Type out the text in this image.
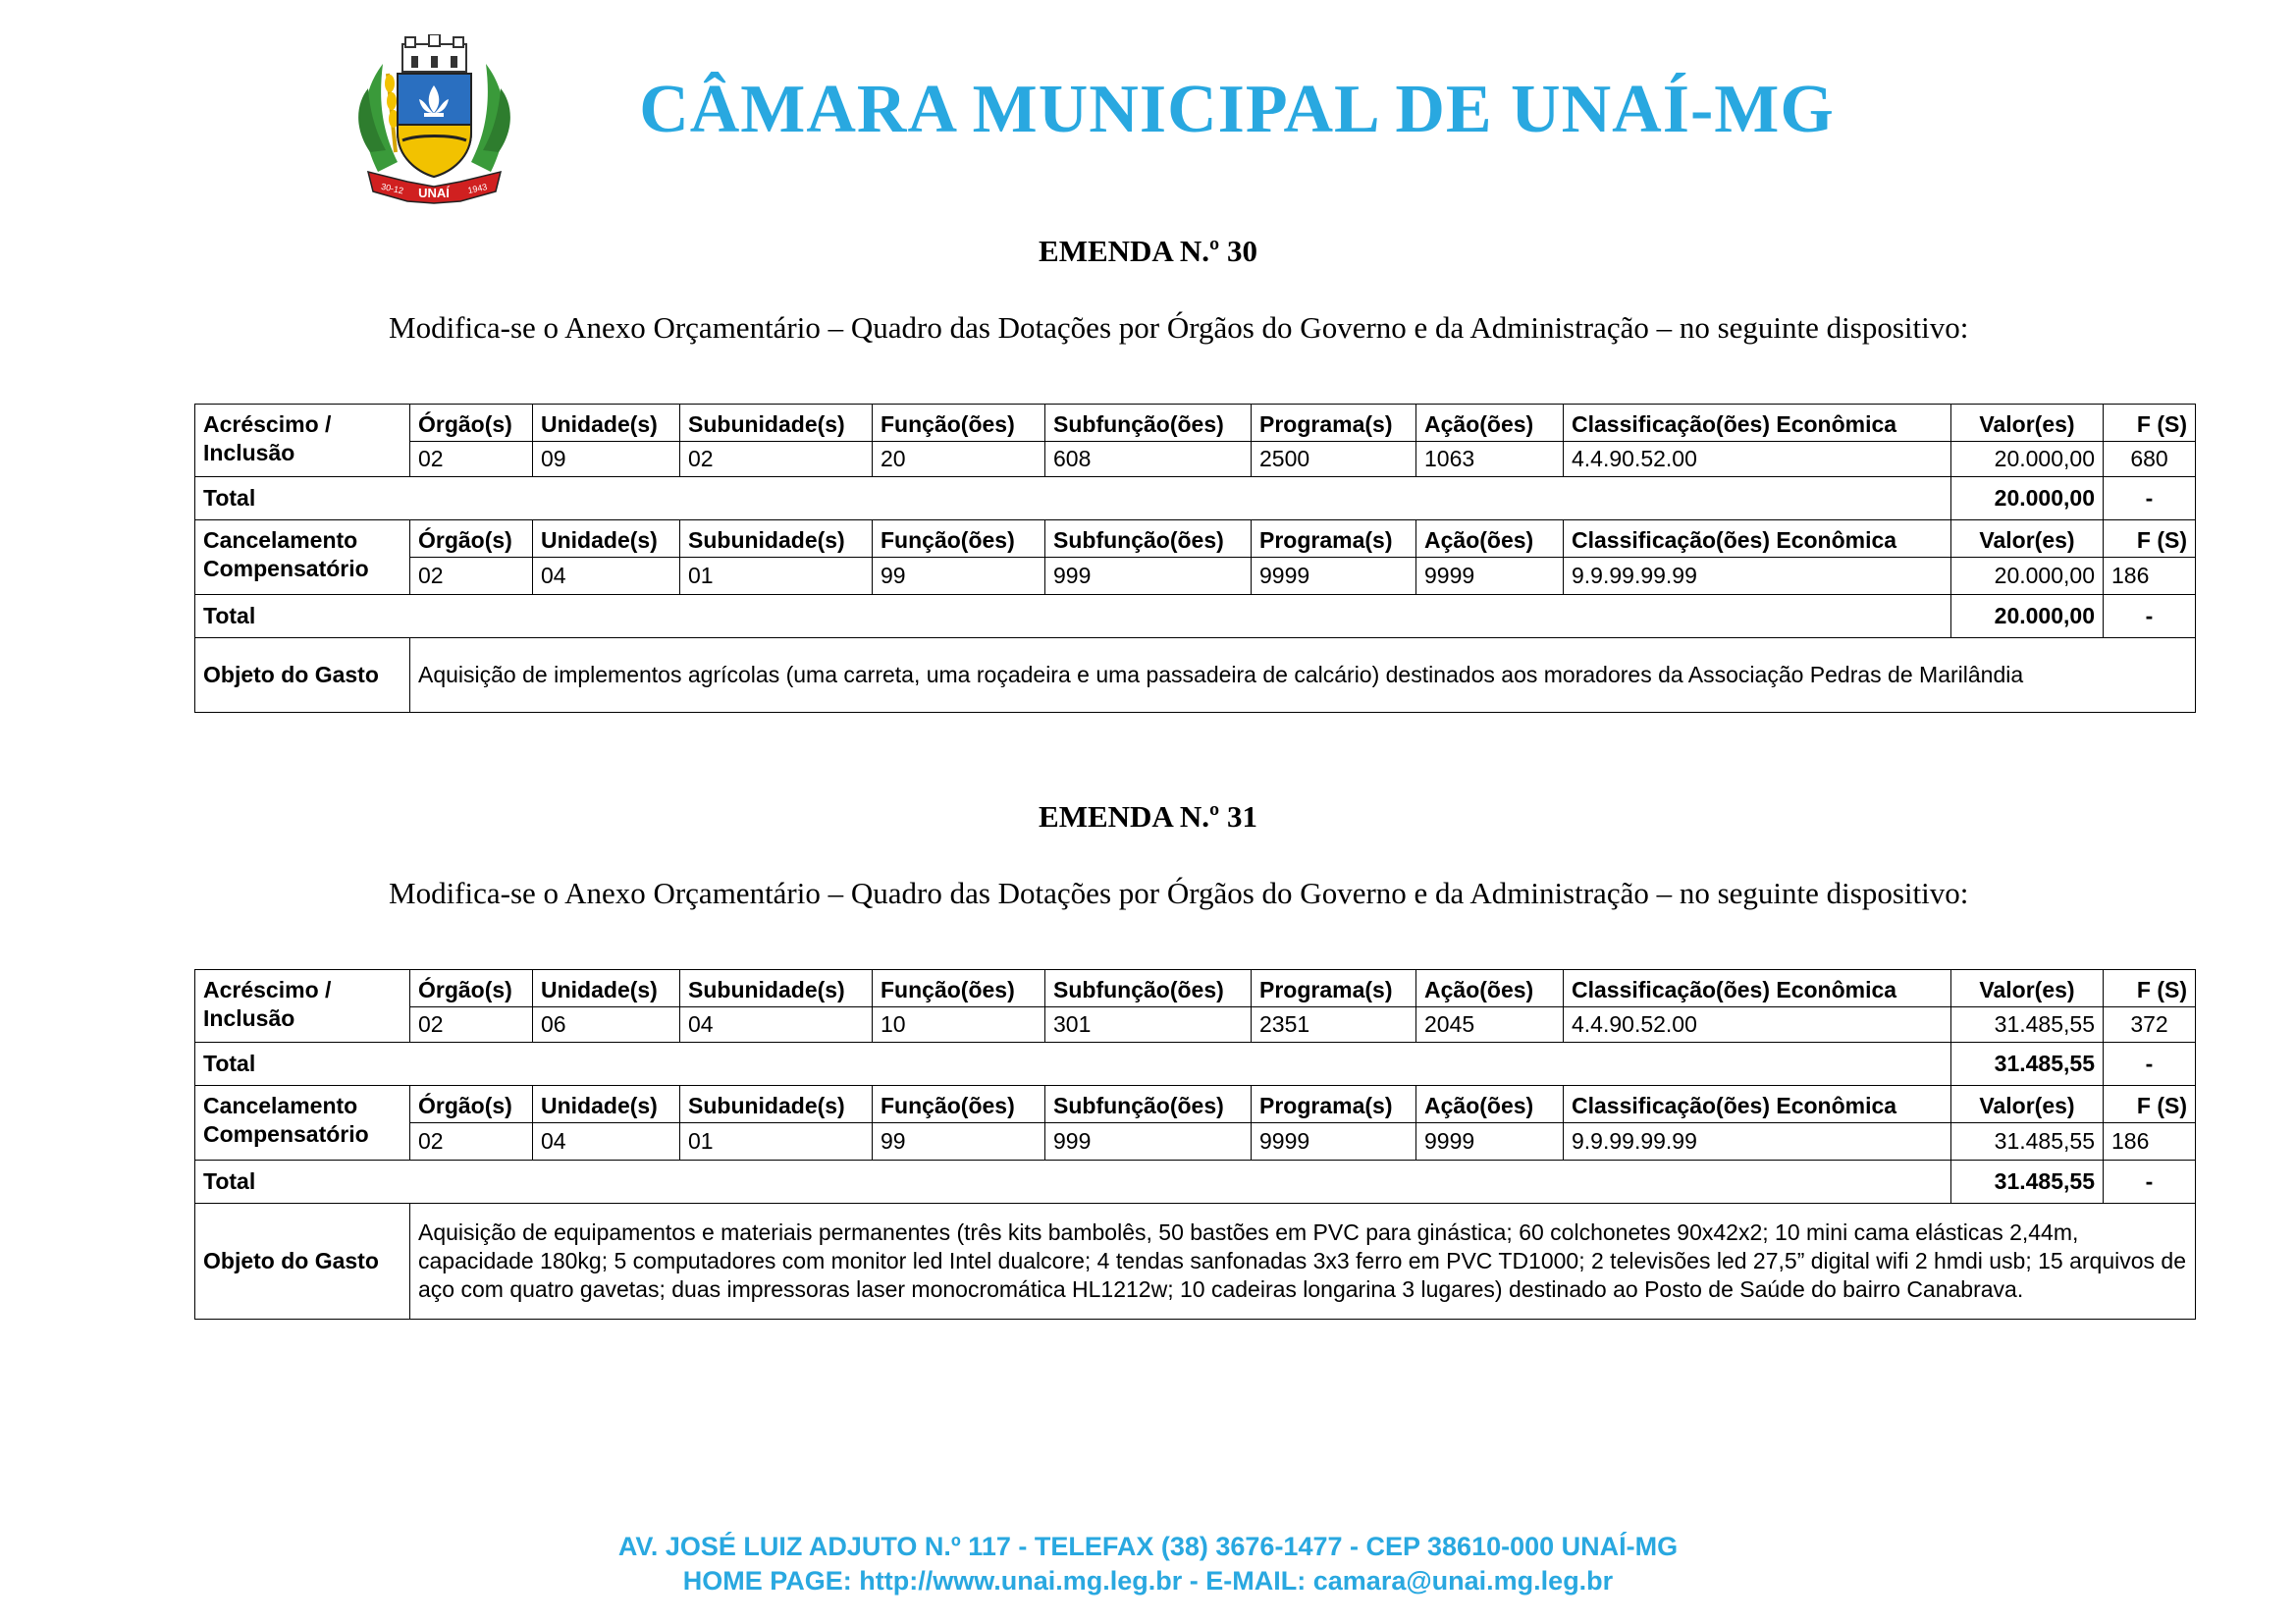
UNAÍ
30-12	1943
CÂMARA MUNICIPAL DE UNAÍ-MG
EMENDA N.º 30
Modifica-se o Anexo Orçamentário – Quadro das Dotações por Órgãos do Governo e da Administração – no seguinte dispositivo:
Acréscimo / Inclusão	Órgão(s)	Unidade(s)	Subunidade(s)	Função(ões)	Subfunção(ões)	Programa(s)	Ação(ões)	Classificação(ões) Econômica	Valor(es)	F (S)
	02	09	02	20	608	2500	1063	4.4.90.52.00	20.000,00	680
Total									20.000,00	-
Cancelamento Compensatório	Órgão(s)	Unidade(s)	Subunidade(s)	Função(ões)	Subfunção(ões)	Programa(s)	Ação(ões)	Classificação(ões) Econômica	Valor(es)	F (S)
	02	04	01	99	999	9999	9999	9.9.99.99.99	20.000,00	186
Total									20.000,00	-
Objeto do Gasto	Aquisição de implementos agrícolas (uma carreta, uma roçadeira e uma passadeira de calcário) destinados aos moradores da Associação Pedras de Marilândia									
EMENDA N.º 31
Modifica-se o Anexo Orçamentário – Quadro das Dotações por Órgãos do Governo e da Administração – no seguinte dispositivo:
Acréscimo / Inclusão	Órgão(s)	Unidade(s)	Subunidade(s)	Função(ões)	Subfunção(ões)	Programa(s)	Ação(ões)	Classificação(ões) Econômica	Valor(es)	F (S)
	02	06	04	10	301	2351	2045	4.4.90.52.00	31.485,55	372
Total									31.485,55	-
Cancelamento Compensatório	Órgão(s)	Unidade(s)	Subunidade(s)	Função(ões)	Subfunção(ões)	Programa(s)	Ação(ões)	Classificação(ões) Econômica	Valor(es)	F (S)
	02	04	01	99	999	9999	9999	9.9.99.99.99	31.485,55	186
Total									31.485,55	-
Objeto do Gasto	Aquisição de equipamentos e materiais permanentes (três kits bambolês, 50 bastões em PVC para ginástica; 60 colchonetes 90x42x2; 10 mini cama elásticas 2,44m, capacidade 180kg; 5 computadores com monitor led Intel dualcore; 4 tendas sanfonadas 3x3 ferro em PVC TD1000; 2 televisões led 27,5” digital wifi 2 hmdi usb; 15 arquivos de aço com quatro gavetas; duas impressoras laser monocromática HL1212w; 10 cadeiras longarina 3 lugares) destinado ao Posto de Saúde do bairro Canabrava.									
AV. JOSÉ LUIZ ADJUTO N.º 117 - TELEFAX (38) 3676-1477 - CEP 38610-000 UNAÍ-MG
HOME PAGE: http://www.unai.mg.leg.br - E-MAIL: camara@unai.mg.leg.br
